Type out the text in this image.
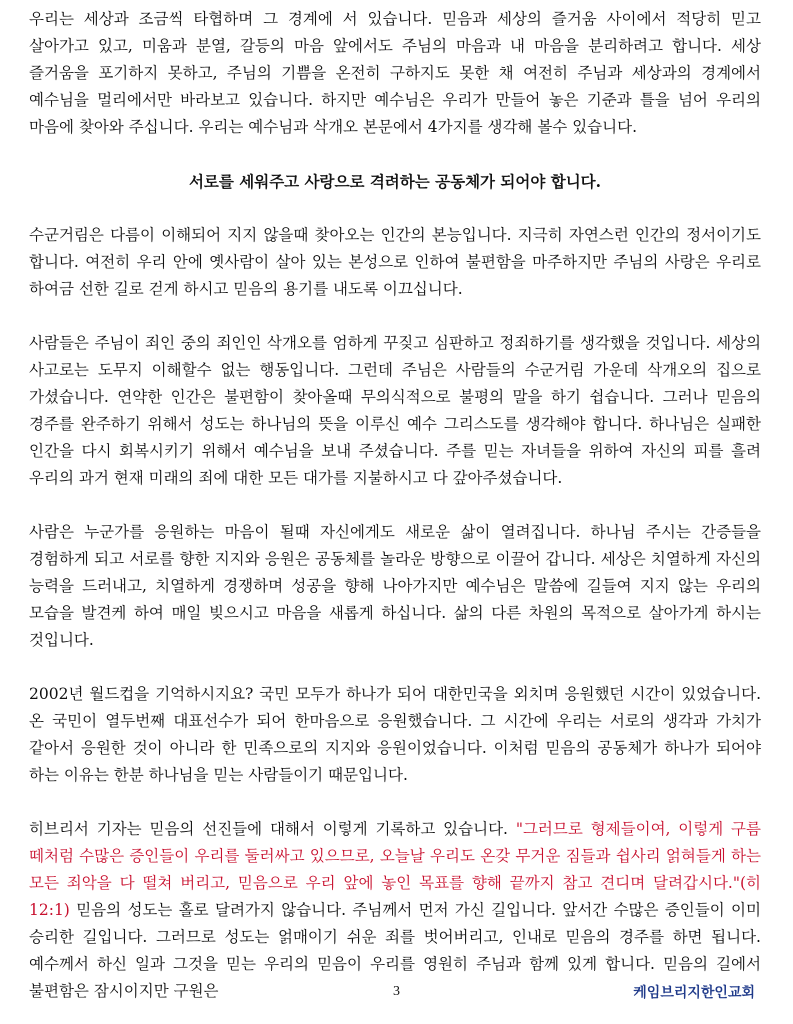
우리는 세상과 조금씩 타협하며 그 경계에 서 있습니다. 믿음과 세상의 즐거움 사이에서 적당히 믿고 살아가고 있고, 미움과 분열, 갈등의 마음 앞에서도 주님의 마음과 내 마음을 분리하려고 합니다. 세상 즐거움을 포기하지 못하고, 주님의 기쁨을 온전히 구하지도 못한 채 여전히 주님과 세상과의 경계에서 예수님을 멀리에서만 바라보고 있습니다. 하지만 예수님은 우리가 만들어 놓은 기준과 틀을 넘어 우리의 마음에 찾아와 주십니다. 우리는 예수님과 삭개오 본문에서 4가지를 생각해 볼수 있습니다.

서로를 세워주고 사랑으로 격려하는 공동체가 되어야 합니다.

수군거림은 다름이 이해되어 지지 않을때 찾아오는 인간의 본능입니다. 지극히 자연스런 인간의 정서이기도 합니다. 여전히 우리 안에 옛사람이 살아 있는 본성으로 인하여 불편함을 마주하지만 주님의 사랑은 우리로 하여금 선한 길로 걷게 하시고 믿음의 용기를 내도록 이끄십니다.

사람들은 주님이 죄인 중의 죄인인 삭개오를 엄하게 꾸짖고 심판하고 정죄하기를 생각했을 것입니다. 세상의 사고로는 도무지 이해할수 없는 행동입니다. 그런데 주님은 사람들의 수군거림 가운데 삭개오의 집으로 가셨습니다. 연약한 인간은 불편함이 찾아올때 무의식적으로 불평의 말을 하기 쉽습니다. 그러나 믿음의 경주를 완주하기 위해서 성도는 하나님의 뜻을 이루신 예수 그리스도를 생각해야 합니다. 하나님은 실패한 인간을 다시 회복시키기 위해서 예수님을 보내 주셨습니다. 주를 믿는 자녀들을 위하여 자신의 피를 흘려 우리의 과거 현재 미래의 죄에 대한 모든 대가를 지불하시고 다 갚아주셨습니다.

사람은 누군가를 응원하는 마음이 될때 자신에게도 새로운 삶이 열려집니다. 하나님 주시는 간증들을 경험하게 되고 서로를 향한 지지와 응원은 공동체를 놀라운 방향으로 이끌어 갑니다. 세상은 치열하게 자신의 능력을 드러내고, 치열하게 경쟁하며 성공을 향해 나아가지만 예수님은 말씀에 길들여 지지 않는 우리의 모습을 발견케 하여 매일 빚으시고 마음을 새롭게 하십니다. 삶의 다른 차원의 목적으로 살아가게 하시는 것입니다.

2002년 월드컵을 기억하시지요? 국민 모두가 하나가 되어 대한민국을 외치며 응원했던 시간이 있었습니다. 온 국민이 열두번째 대표선수가 되어 한마음으로 응원했습니다. 그 시간에 우리는 서로의 생각과 가치가 같아서 응원한 것이 아니라 한 민족으로의 지지와 응원이었습니다. 이처럼 믿음의 공동체가 하나가 되어야 하는 이유는 한분 하나님을 믿는 사람들이기 때문입니다.

히브리서 기자는 믿음의 선진들에 대해서 이렇게 기록하고 있습니다. "그러므로 형제들이여, 이렇게 구름 떼처럼 수많은 증인들이 우리를 둘러싸고 있으므로, 오늘날 우리도 온갖 무거운 짐들과 쉽사리 얽혀들게 하는 모든 죄악을 다 떨쳐 버리고, 믿음으로 우리 앞에 놓인 목표를 향해 끝까지 참고 견디며 달려갑시다."(히 12:1) 믿음의 성도는 홀로 달려가지 않습니다. 주님께서 먼저 가신 길입니다. 앞서간 수많은 증인들이 이미 승리한 길입니다. 그러므로 성도는 얽매이기 쉬운 죄를 벗어버리고, 인내로 믿음의 경주를 하면 됩니다. 예수께서 하신 일과 그것을 믿는 우리의 믿음이 우리를 영원히 주님과 함께 있게 합니다. 믿음의 길에서 불편함은 잠시이지만 구원은	3	케임브리지한인교회
